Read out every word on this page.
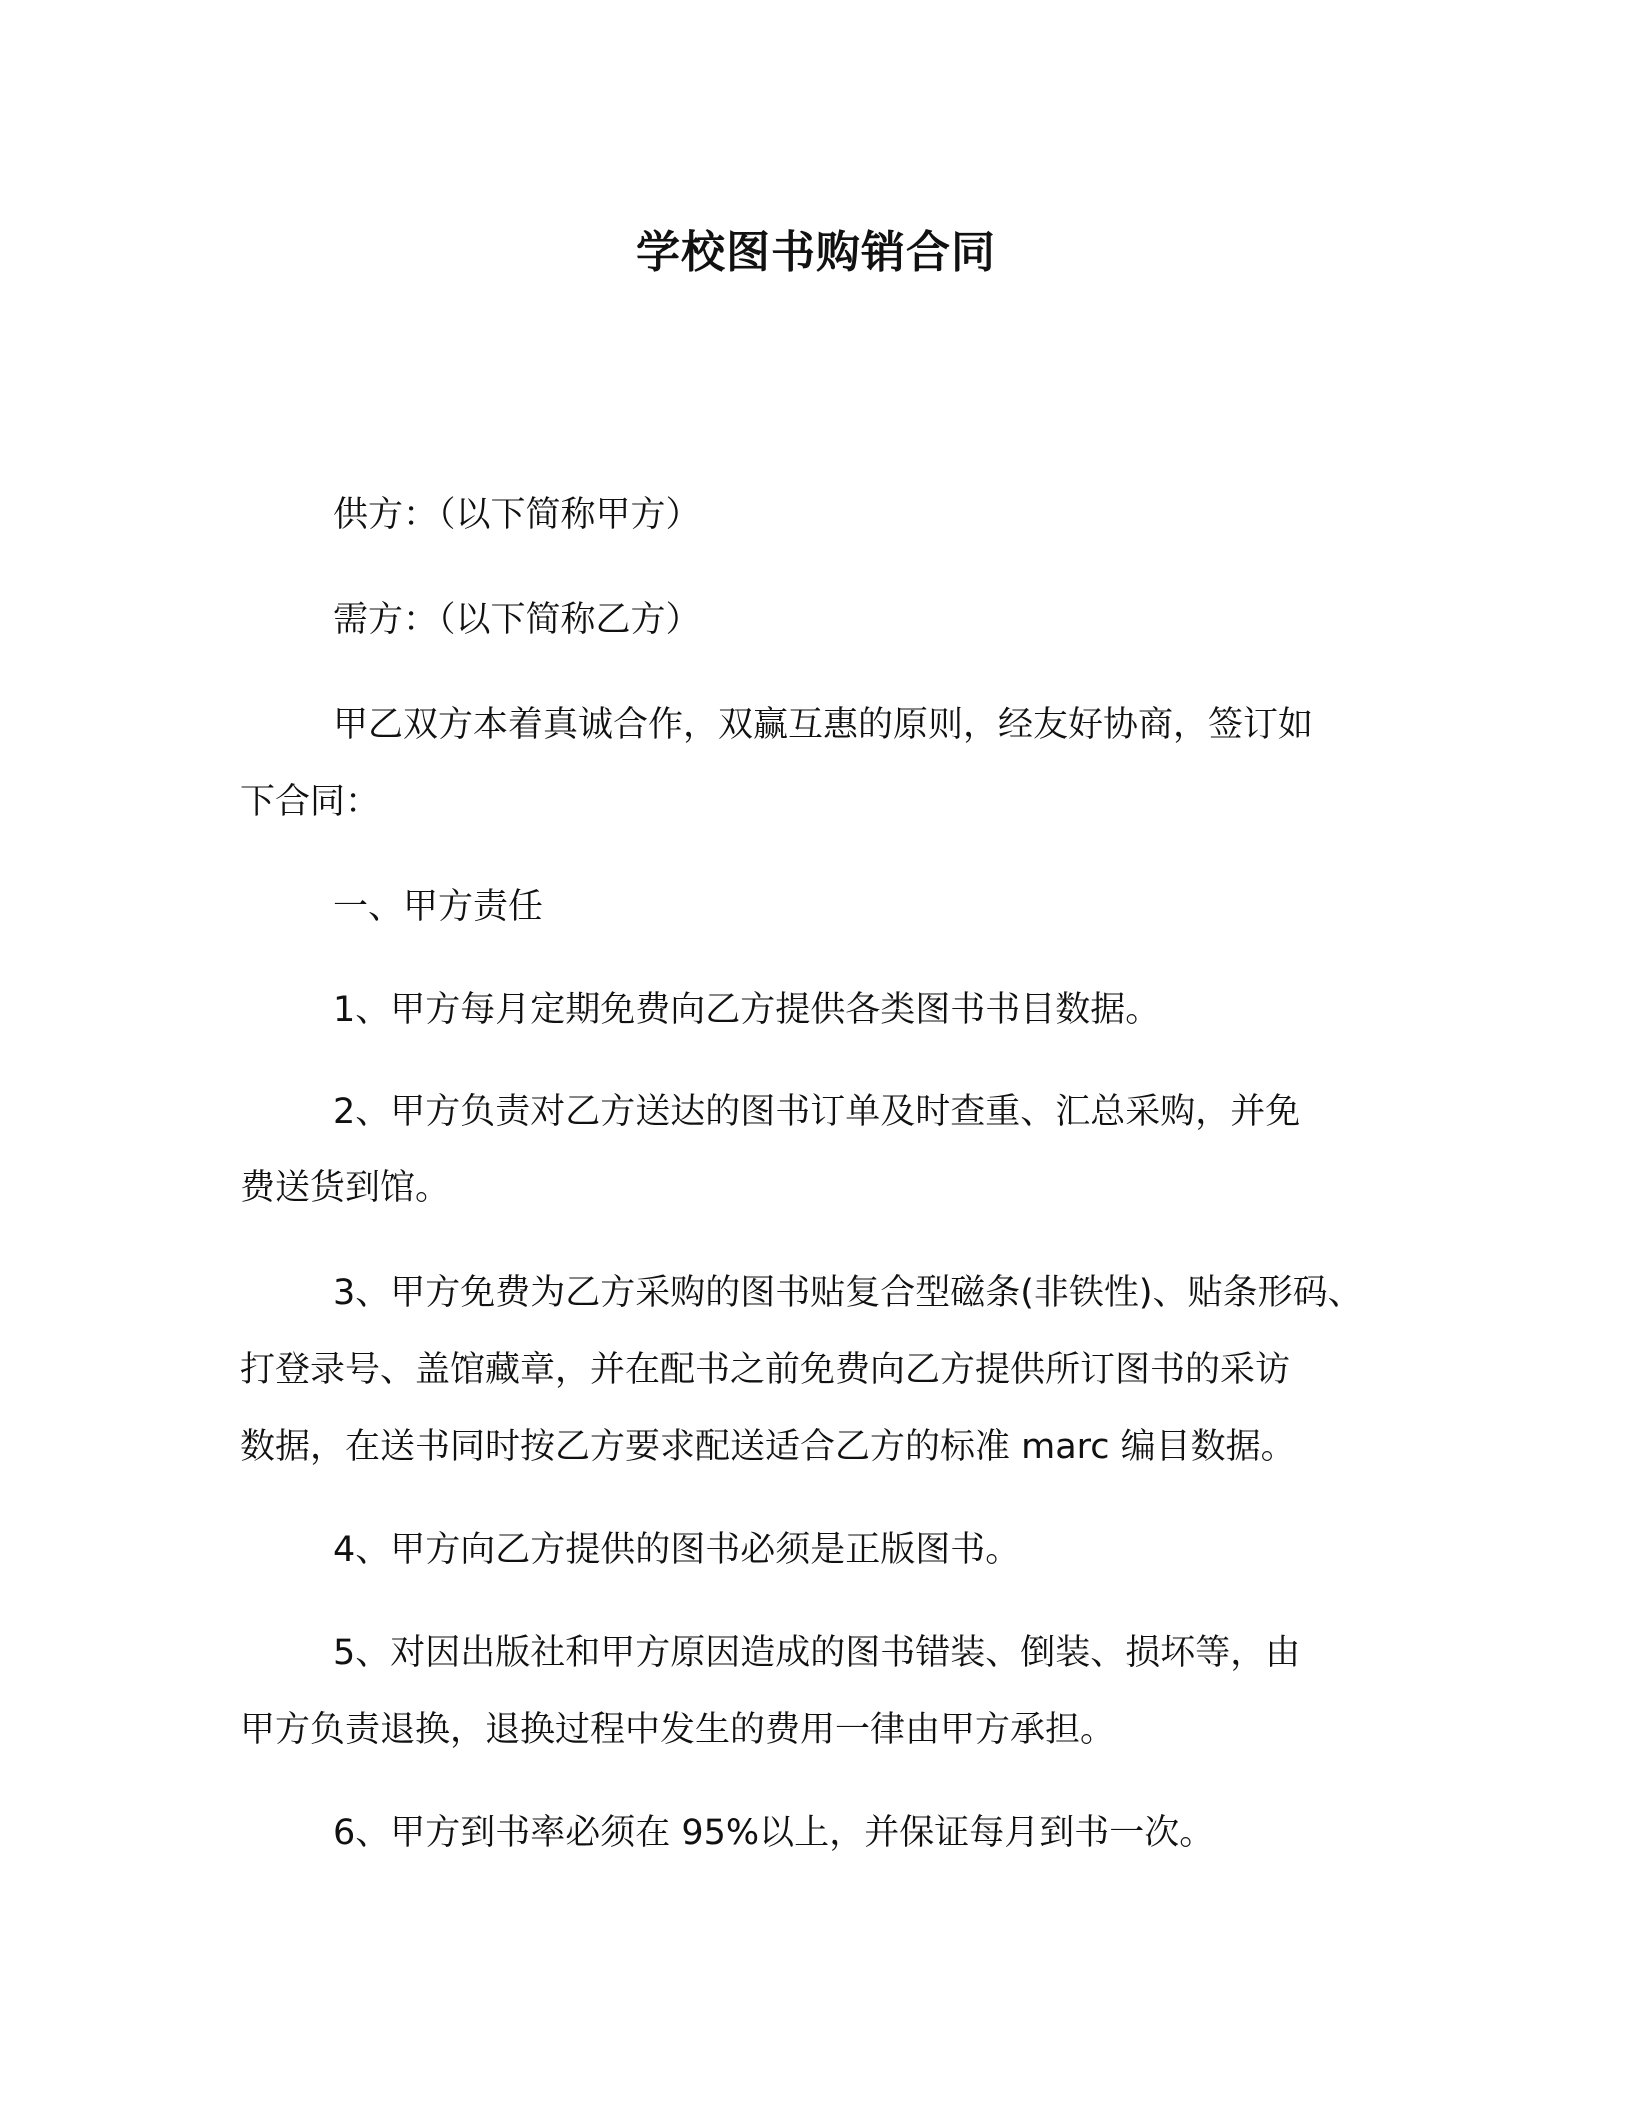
学校图书购销合同
供方：（以下简称甲方）
需方：（以下简称乙方）
甲乙双方本着真诚合作，双赢互惠的原则，经友好协商，签订如
下合同：
一、甲方责任
1、甲方每月定期免费向乙方提供各类图书书目数据。
2、甲方负责对乙方送达的图书订单及时查重、汇总采购，并免
费送货到馆。
3、甲方免费为乙方采购的图书贴复合型磁条(非铁性)、贴条形码、
打登录号、盖馆藏章，并在配书之前免费向乙方提供所订图书的采访
数据，在送书同时按乙方要求配送适合乙方的标准 marc 编目数据。
4、甲方向乙方提供的图书必须是正版图书。
5、对因出版社和甲方原因造成的图书错装、倒装、损坏等，由
甲方负责退换，退换过程中发生的费用一律由甲方承担。
6、甲方到书率必须在 95%以上，并保证每月到书一次。
